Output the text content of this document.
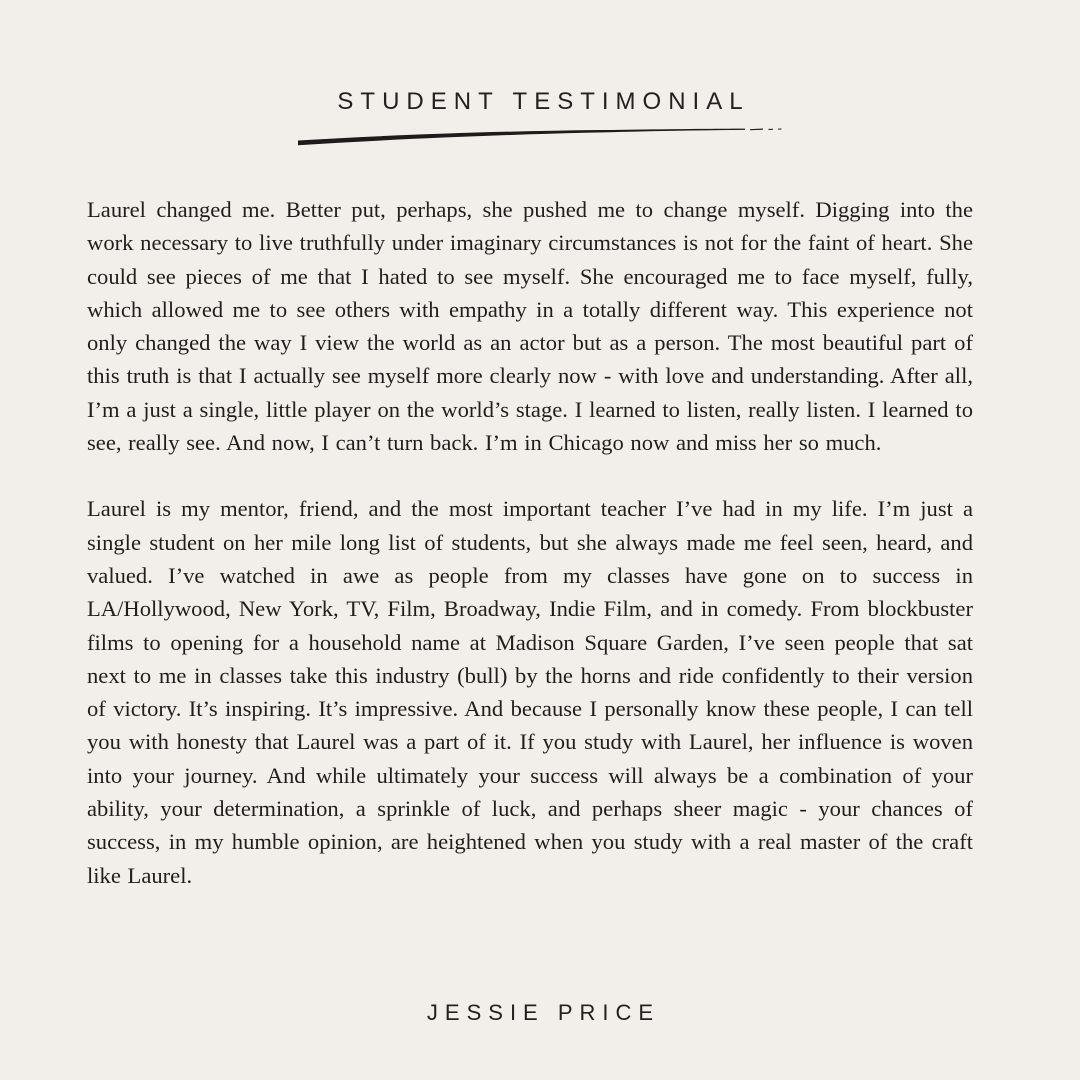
STUDENT TESTIMONIAL

Laurel changed me. Better put, perhaps, she pushed me to change myself. Digging into the work necessary to live truthfully under imaginary circumstances is not for the faint of heart. She could see pieces of me that I hated to see myself. She encouraged me to face myself, fully, which allowed me to see others with empathy in a totally different way. This experience not only changed the way I view the world as an actor but as a person. The most beautiful part of this truth is that I actually see myself more clearly now - with love and understanding. After all, I’m a just a single, little player on the world’s stage. I learned to listen, really listen. I learned to see, really see. And now, I can’t turn back. I’m in Chicago now and miss her so much.

Laurel is my mentor, friend, and the most important teacher I’ve had in my life. I’m just a single student on her mile long list of students, but she always made me feel seen, heard, and valued. I’ve watched in awe as people from my classes have gone on to success in LA/Hollywood, New York, TV, Film, Broadway, Indie Film, and in comedy. From blockbuster films to opening for a household name at Madison Square Garden, I’ve seen people that sat next to me in classes take this industry (bull) by the horns and ride confidently to their version of victory. It’s inspiring. It’s impressive. And because I personally know these people, I can tell you with honesty that Laurel was a part of it. If you study with Laurel, her influence is woven into your journey. And while ultimately your success will always be a combination of your ability, your determination, a sprinkle of luck, and perhaps sheer magic - your chances of success, in my humble opinion, are heightened when you study with a real master of the craft like Laurel.

JESSIE PRICE
